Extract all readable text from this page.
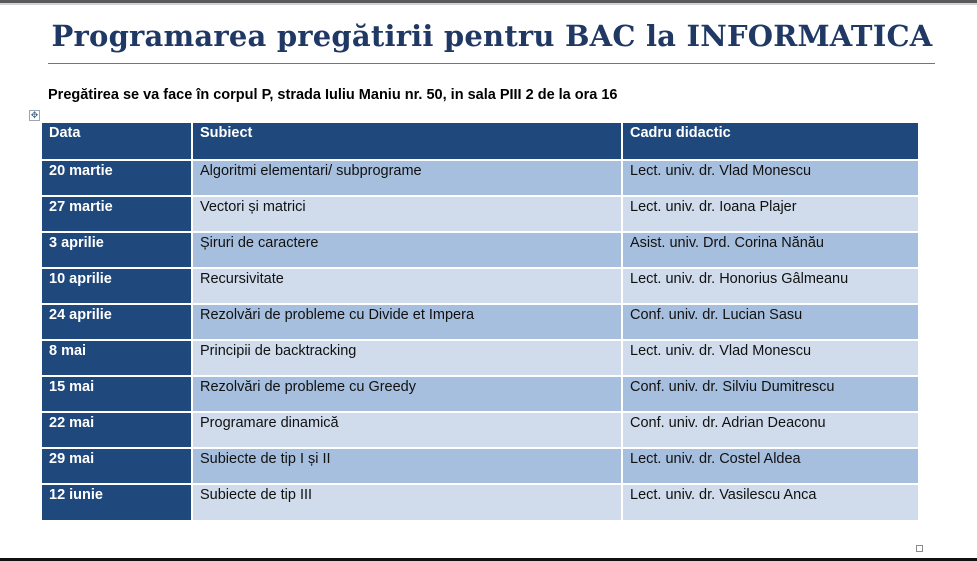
Programarea pregătirii pentru BAC la INFORMATICA
Pregătirea se va face în corpul P, strada Iuliu Maniu nr. 50, in sala PIII 2 de la ora 16
✥
Data	Subiect	Cadru didactic
20 martie	Algoritmi elementari/ subprograme	Lect. univ. dr. Vlad Monescu
27 martie	Vectori și matrici	Lect. univ. dr. Ioana Plajer
3 aprilie	Șiruri de caractere	Asist. univ. Drd. Corina Nănău
10 aprilie	Recursivitate	Lect. univ. dr. Honorius Gâlmeanu
24 aprilie	Rezolvări de probleme cu Divide et Impera	Conf. univ. dr. Lucian Sasu
8 mai	Principii de backtracking	Lect. univ. dr. Vlad Monescu
15 mai	Rezolvări de probleme cu Greedy	Conf. univ. dr. Silviu Dumitrescu
22 mai	Programare dinamică	Conf. univ. dr. Adrian Deaconu
29 mai	Subiecte de tip I și II	Lect. univ. dr. Costel Aldea
12 iunie	Subiecte de tip III	Lect. univ. dr. Vasilescu Anca
